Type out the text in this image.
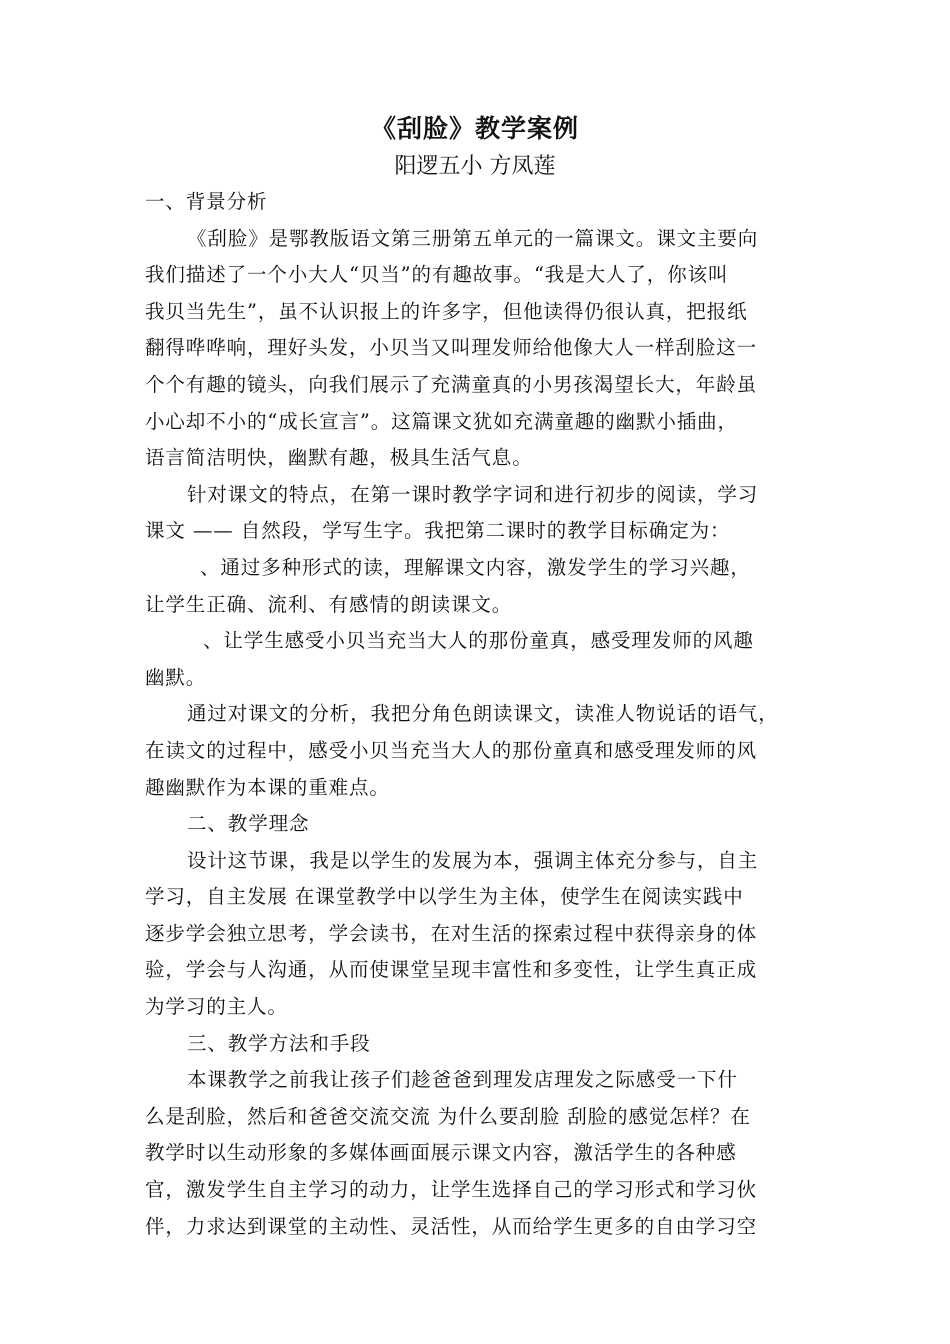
《刮脸》教学案例
阳逻五小 方凤莲
一、背景分析
《刮脸》是鄂教版语文第三册第五单元的一篇课文。课文主要向
我们描述了一个小大人“贝当”的有趣故事。“我是大人了，你该叫
我贝当先生”，虽不认识报上的许多字，但他读得仍很认真，把报纸
翻得哗哗响，理好头发，小贝当又叫理发师给他像大人一样刮脸这一
个个有趣的镜头，向我们展示了充满童真的小男孩渴望长大，年龄虽
小心却不小的“成长宣言”。这篇课文犹如充满童趣的幽默小插曲，
语言简洁明快，幽默有趣，极具生活气息。
针对课文的特点，在第一课时教学字词和进行初步的阅读，学习
课文 —— 自然段，学写生字。我把第二课时的教学目标确定为：
、通过多种形式的读，理解课文内容，激发学生的学习兴趣，
让学生正确、流利、有感情的朗读课文。
、让学生感受小贝当充当大人的那份童真，感受理发师的风趣
幽默。
通过对课文的分析，我把分角色朗读课文，读准人物说话的语气，
在读文的过程中，感受小贝当充当大人的那份童真和感受理发师的风
趣幽默作为本课的重难点。
二、教学理念
设计这节课，我是以学生的发展为本，强调主体充分参与，自主
学习，自主发展 在课堂教学中以学生为主体，使学生在阅读实践中
逐步学会独立思考，学会读书，在对生活的探索过程中获得亲身的体
验，学会与人沟通，从而使课堂呈现丰富性和多变性，让学生真正成
为学习的主人。
三、教学方法和手段
本课教学之前我让孩子们趁爸爸到理发店理发之际感受一下什
么是刮脸，然后和爸爸交流交流 为什么要刮脸 刮脸的感觉怎样？在
教学时以生动形象的多媒体画面展示课文内容，激活学生的各种感
官，激发学生自主学习的动力，让学生选择自己的学习形式和学习伙
伴，力求达到课堂的主动性、灵活性，从而给学生更多的自由学习空
